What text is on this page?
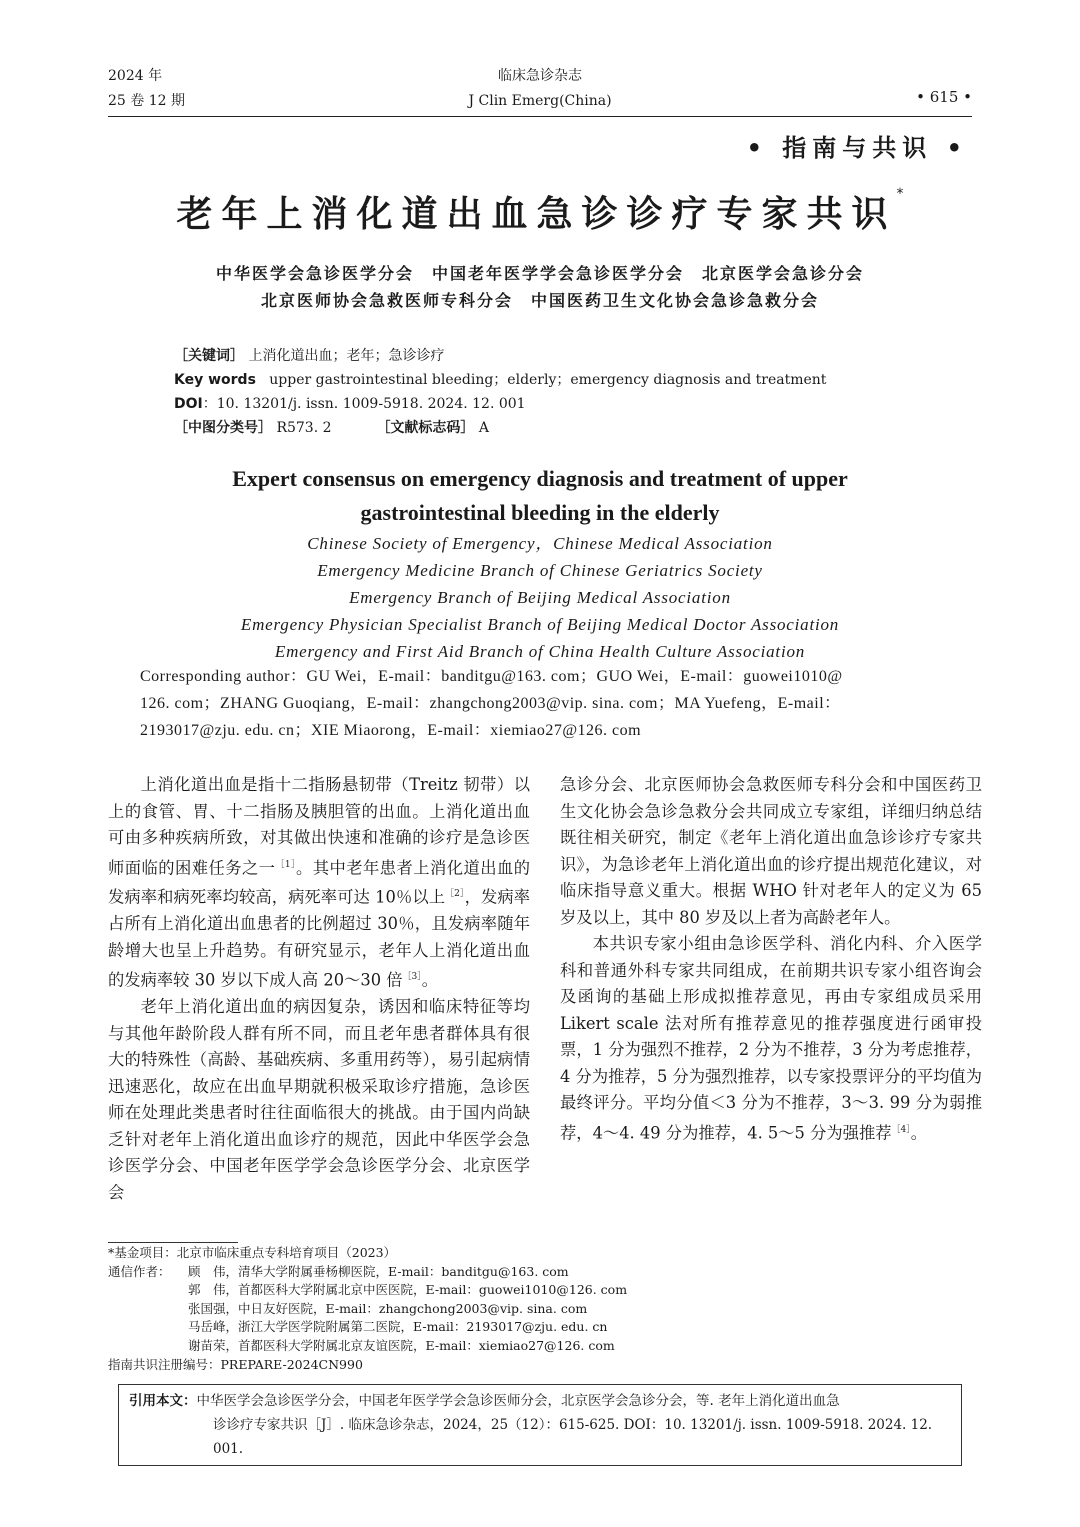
2024 年
25 卷 12 期
临床急诊杂志
J Clin Emerg(China)	• 615 •
• 指南与共识 •
老年上消化道出血急诊诊疗专家共识*
中华医学会急诊医学分会　中国老年医学学会急诊医学分会　北京医学会急诊分会
北京医师协会急救医师专科分会　中国医药卫生文化协会急诊急救分会
［关键词］ 上消化道出血；老年；急诊诊疗
Key words upper gastrointestinal bleeding；elderly；emergency diagnosis and treatment
DOI：10. 13201/j. issn. 1009-5918. 2024. 12. 001
［中图分类号］ R573. 2	［文献标志码］ A
Expert consensus on emergency diagnosis and treatment of upper
gastrointestinal bleeding in the elderly
Chinese Society of Emergency，Chinese Medical Association
Emergency Medicine Branch of Chinese Geriatrics Society
Emergency Branch of Beijing Medical Association
Emergency Physician Specialist Branch of Beijing Medical Doctor Association
Emergency and First Aid Branch of China Health Culture Association
Corresponding author：GU Wei，E-mail：banditgu@163. com；GUO Wei，E-mail：guowei1010@
126. com；ZHANG Guoqiang，E-mail：zhangchong2003@vip. sina. com；MA Yuefeng，E-mail：
2193017@zju. edu. cn；XIE Miaorong，E-mail：xiemiao27@126. com

上消化道出血是指十二指肠悬韧带（Treitz 韧带）以上的食管、胃、十二指肠及胰胆管的出血。上消化道出血可由多种疾病所致，对其做出快速和准确的诊疗是急诊医师面临的困难任务之一$^{[1]}$。其中老年患者上消化道出血的发病率和病死率均较高，病死率可达 10％以上$^{[2]}$，发病率占所有上消化道出血患者的比例超过 30％，且发病率随年龄增大也呈上升趋势。有研究显示，老年人上消化道出血的发病率较 30 岁以下成人高 20～30 倍$^{[3]}$。

老年上消化道出血的病因复杂，诱因和临床特征等均与其他年龄阶段人群有所不同，而且老年患者群体具有很大的特殊性（高龄、基础疾病、多重用药等），易引起病情迅速恶化，故应在出血早期就积极采取诊疗措施，急诊医师在处理此类患者时往往面临很大的挑战。由于国内尚缺乏针对老年上消化道出血诊疗的规范，因此中华医学会急诊医学分会、中国老年医学学会急诊医学分会、北京医学会

急诊分会、北京医师协会急救医师专科分会和中国医药卫生文化协会急诊急救分会共同成立专家组，详细归纳总结既往相关研究，制定《老年上消化道出血急诊诊疗专家共识》，为急诊老年上消化道出血的诊疗提出规范化建议，对临床指导意义重大。根据 WHO 针对老年人的定义为 65 岁及以上，其中 80 岁及以上者为高龄老年人。

本共识专家小组由急诊医学科、消化内科、介入医学科和普通外科专家共同组成，在前期共识专家小组咨询会及函询的基础上形成拟推荐意见，再由专家组成员采用 Likert scale 法对所有推荐意见的推荐强度进行函审投票，1 分为强烈不推荐，2 分为不推荐，3 分为考虑推荐，4 分为推荐，5 分为强烈推荐，以专家投票评分的平均值为最终评分。平均分值＜3 分为不推荐，3～3. 99 分为弱推荐，4～4. 49 分为推荐，4. 5～5 分为强推荐$^{[4]}$。

*基金项目：北京市临床重点专科培育项目（2023）
通信作者： 顾　伟，清华大学附属垂杨柳医院，E-mail：banditgu@163. com
郭　伟，首都医科大学附属北京中医医院，E-mail：guowei1010@126. com
张国强，中日友好医院，E-mail：zhangchong2003@vip. sina. com
马岳峰，浙江大学医学院附属第二医院，E-mail：2193017@zju. edu. cn
谢苗荣，首都医科大学附属北京友谊医院，E-mail：xiemiao27@126. com
指南共识注册编号：PREPARE-2024CN990
引用本文：中华医学会急诊医学分会，中国老年医学学会急诊医师分会，北京医学会急诊分会，等. 老年上消化道出血急
诊诊疗专家共识［J］. 临床急诊杂志，2024，25（12）：615-625. DOI：10. 13201/j. issn. 1009-5918. 2024. 12. 001.
